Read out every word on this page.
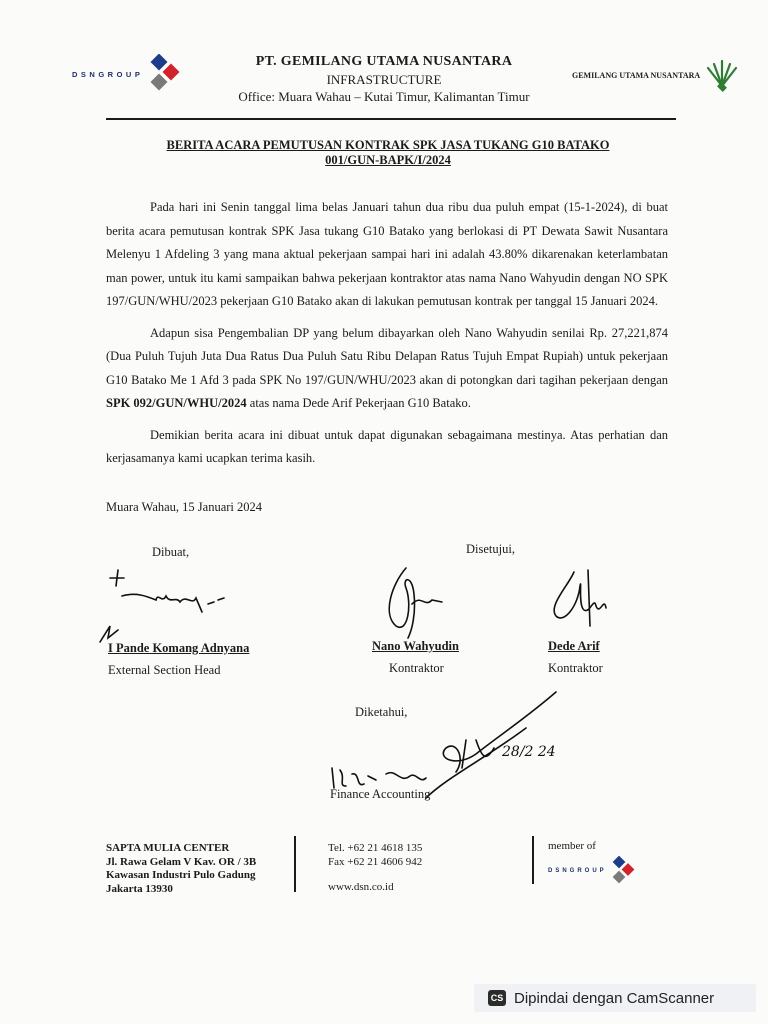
DSNGROUP
PT. GEMILANG UTAMA NUSANTARA
INFRASTRUCTURE
Office: Muara Wahau – Kutai Timur, Kalimantan Timur
GEMILANG UTAMA NUSANTARA
BERITA ACARA PEMUTUSAN KONTRAK SPK JASA TUKANG G10 BATAKO
001/GUN-BAPK/I/2024

Pada hari ini Senin tanggal lima belas Januari tahun dua ribu dua puluh empat (15-1-2024), di buat berita acara pemutusan kontrak SPK Jasa tukang G10 Batako yang berlokasi di PT Dewata Sawit Nusantara Melenyu 1 Afdeling 3 yang mana aktual pekerjaan sampai hari ini adalah 43.80% dikarenakan keterlambatan man power, untuk itu kami sampaikan bahwa pekerjaan kontraktor atas nama Nano Wahyudin dengan NO SPK 197/GUN/WHU/2023 pekerjaan G10 Batako akan di lakukan pemutusan kontrak per tanggal 15 Januari 2024.

Adapun sisa Pengembalian DP yang belum dibayarkan oleh Nano Wahyudin senilai Rp. 27,221,874 (Dua Puluh Tujuh Juta Dua Ratus Dua Puluh Satu Ribu Delapan Ratus Tujuh Empat Rupiah) untuk pekerjaan G10 Batako Me 1 Afd 3 pada SPK No 197/GUN/WHU/2023 akan di potongkan dari tagihan pekerjaan dengan SPK 092/GUN/WHU/2024 atas nama Dede Arif Pekerjaan G10 Batako.

Demikian berita acara ini dibuat untuk dapat digunakan sebagaimana mestinya. Atas perhatian dan kerjasamanya kami ucapkan terima kasih.

Muara Wahau, 15 Januari 2024
Dibuat,	Disetujui,
I Pande Komang Adnyana
External Section Head
Nano Wahyudin
Kontraktor
Dede Arif
Kontraktor
Diketahui,
28/2 24
Finance Accounting
SAPTA MULIA CENTER
Jl. Rawa Gelam V Kav. OR / 3B
Kawasan Industri Pulo Gadung
Jakarta 13930
Tel. +62 21 4618 135
Fax +62 21 4606 942
www.dsn.co.id
member of
DSNGROUP
CS Dipindai dengan CamScanner
